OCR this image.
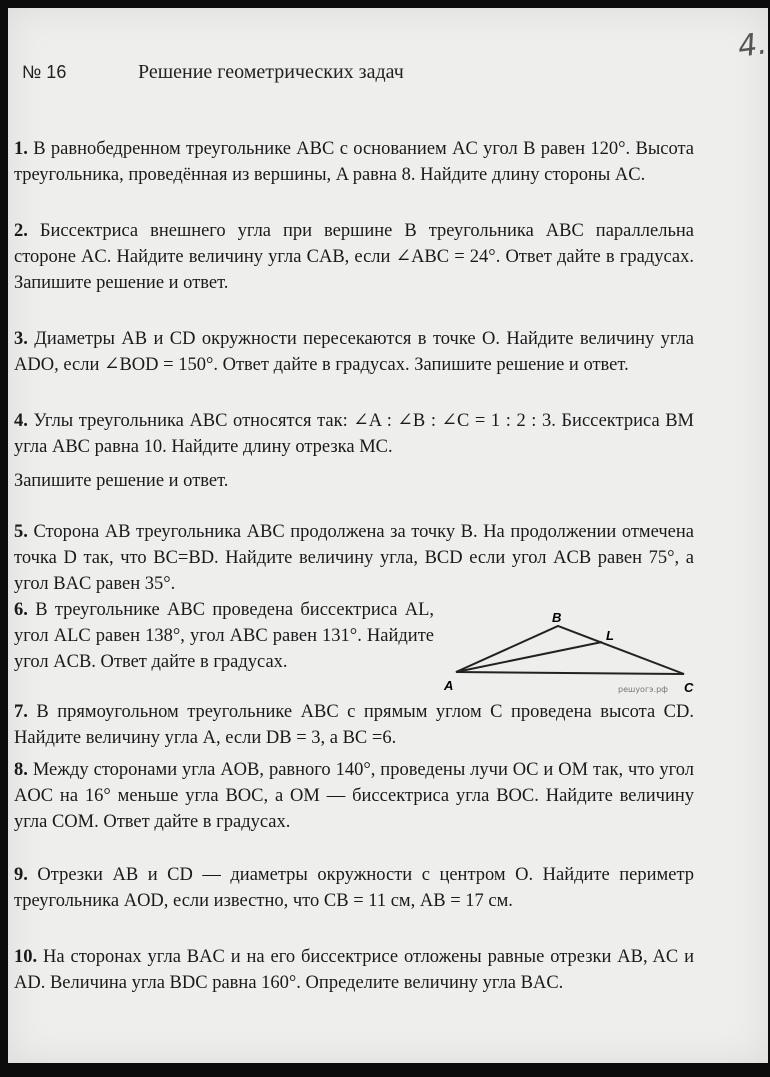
4.
№ 16	Решение геометрических задач

1. В равнобедренном треугольнике ABC с основанием AC угол B равен 120°. Высота треугольника, проведённая из вершины, A равна 8. Найдите длину стороны AC.

2. Биссектриса внешнего угла при вершине B треугольника ABC параллельна стороне AC. Найдите величину угла CAB, если ∠ABC = 24°. Ответ дайте в градусах. Запишите решение и ответ.

3. Диаметры AB и CD окружности пересекаются в точке O. Найдите величину угла ADO, если ∠BOD = 150°. Ответ дайте в градусах. Запишите решение и ответ.

4. Углы треугольника ABC относятся так: ∠A : ∠B : ∠C = 1 : 2 : 3. Биссектриса BM угла ABC равна 10. Найдите длину отрезка MC.

Запишите решение и ответ.

5. Сторона AB треугольника ABC продолжена за точку B. На продолжении отмечена точка D так, что BC=BD. Найдите величину угла, BCD если угол ACB равен 75°, а угол BAC равен 35°.

6. В треугольнике ABC проведена биссектриса AL, угол ALC равен 138°, угол ABC равен 131°. Найдите угол ACB. Ответ дайте в градусах.

B
L
A	C
решуогэ.рф

7. В прямоугольном треугольнике ABC с прямым углом C проведена высота CD. Найдите величину угла A, если DB = 3, а BC =6.

8. Между сторонами угла AOB, равного 140°, проведены лучи OC и OM так, что угол AOC на 16° меньше угла BOC, а OM — биссектриса угла BOC. Найдите величину угла COM. Ответ дайте в градусах.

9. Отрезки AB и CD — диаметры окружности с центром O. Найдите периметр треугольника AOD, если известно, что CB = 11 см, AB = 17 см.

10. На сторонах угла BAC и на его биссектрисе отложены равные отрезки AB, AC и AD. Величина угла BDC равна 160°. Определите величину угла BAC.
